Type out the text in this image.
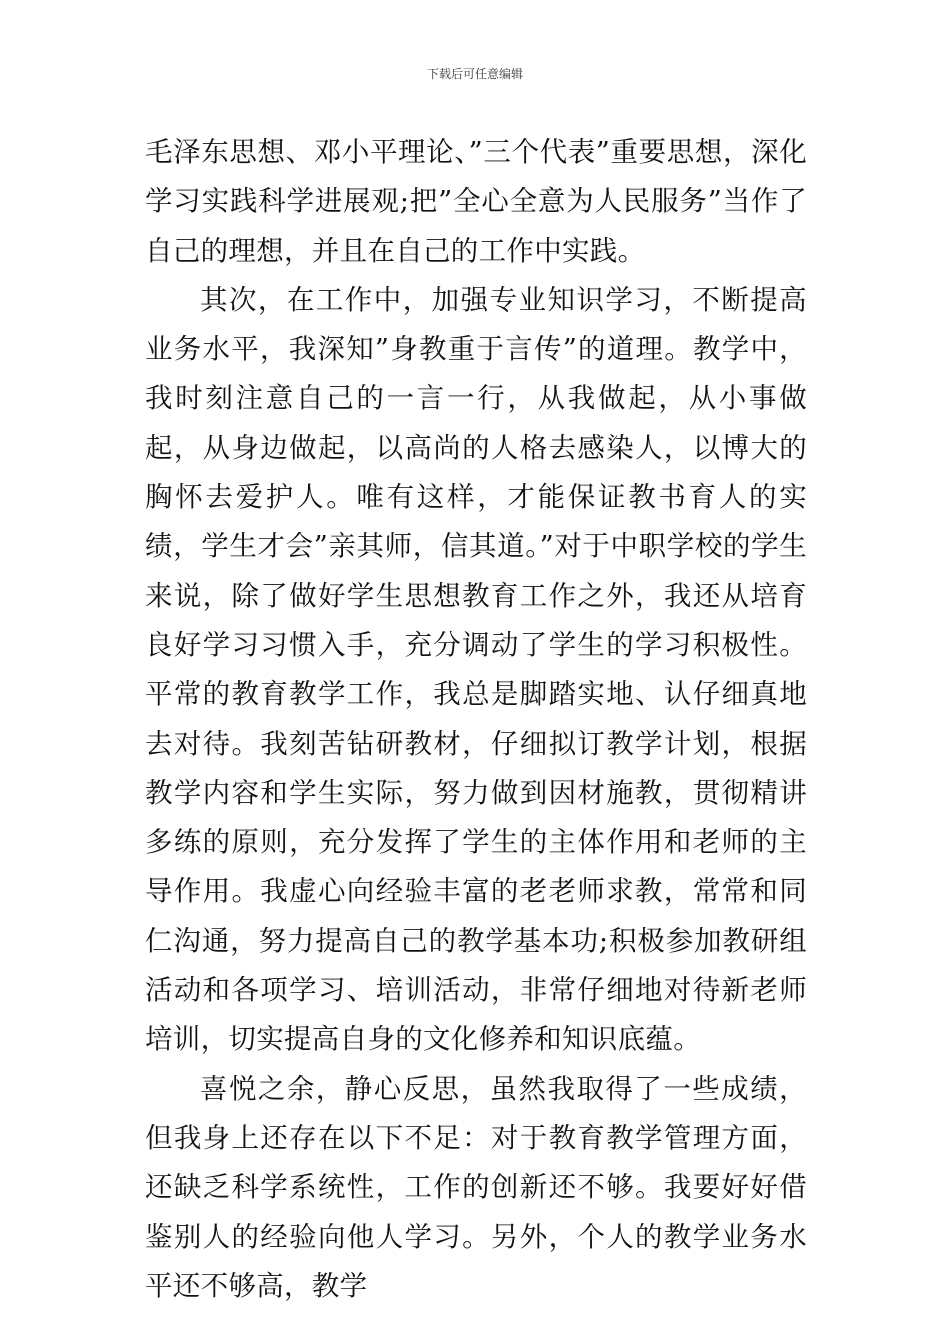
下载后可任意编辑

毛泽东思想、邓小平理论、”三个代表”重要思想，深化学习实践科学进展观;把”全心全意为人民服务”当作了自己的理想，并且在自己的工作中实践。

其次，在工作中，加强专业知识学习，不断提高业务水平，我深知”身教重于言传”的道理。教学中，我时刻注意自己的一言一行，从我做起，从小事做起，从身边做起，以高尚的人格去感染人，以博大的胸怀去爱护人。唯有这样，才能保证教书育人的实绩，学生才会”亲其师，信其道。”对于中职学校的学生来说，除了做好学生思想教育工作之外，我还从培育良好学习习惯入手，充分调动了学生的学习积极性。平常的教育教学工作，我总是脚踏实地、认仔细真地去对待。我刻苦钻研教材，仔细拟订教学计划，根据教学内容和学生实际，努力做到因材施教，贯彻精讲多练的原则，充分发挥了学生的主体作用和老师的主导作用。我虚心向经验丰富的老老师求教，常常和同仁沟通，努力提高自己的教学基本功;积极参加教研组活动和各项学习、培训活动，非常仔细地对待新老师培训，切实提高自身的文化修养和知识底蕴。

喜悦之余，静心反思，虽然我取得了一些成绩，但我身上还存在以下不足：对于教育教学管理方面，还缺乏科学系统性，工作的创新还不够。我要好好借鉴别人的经验向他人学习。另外，个人的教学业务水平还不够高，教学
